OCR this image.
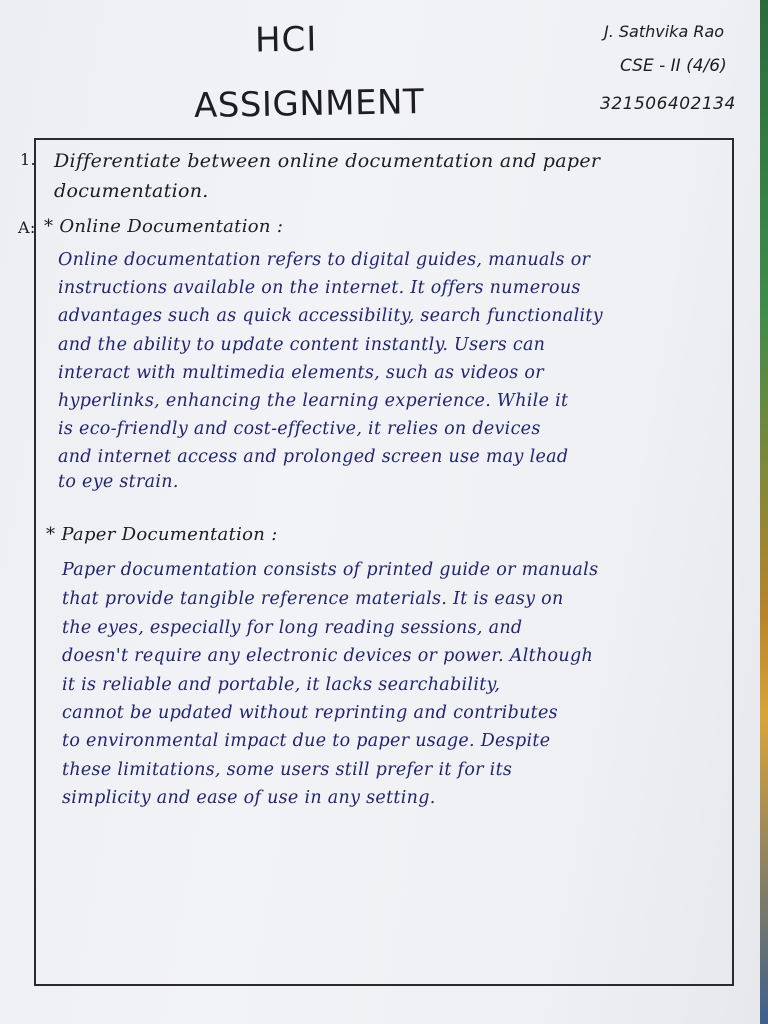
HCI
ASSIGNMENT
J. Sathvika Rao
CSE - II (4/6)
321506402134
1. Differentiate between online documentation and paper
documentation.
A: * Online Documentation :
Online documentation refers to digital guides, manuals or
instructions available on the internet. It offers numerous
advantages such as quick accessibility, search functionality
and the ability to update content instantly. Users can
interact with multimedia elements, such as videos or
hyperlinks, enhancing the learning experience. While it
is eco-friendly and cost-effective, it relies on devices
and internet access and prolonged screen use may lead
to eye strain.
* Paper Documentation :
Paper documentation consists of printed guide or manuals
that provide tangible reference materials. It is easy on
the eyes, especially for long reading sessions, and
doesn't require any electronic devices or power. Although
it is reliable and portable, it lacks searchability,
cannot be updated without reprinting and contributes
to environmental impact due to paper usage. Despite
these limitations, some users still prefer it for its
simplicity and ease of use in any setting.
